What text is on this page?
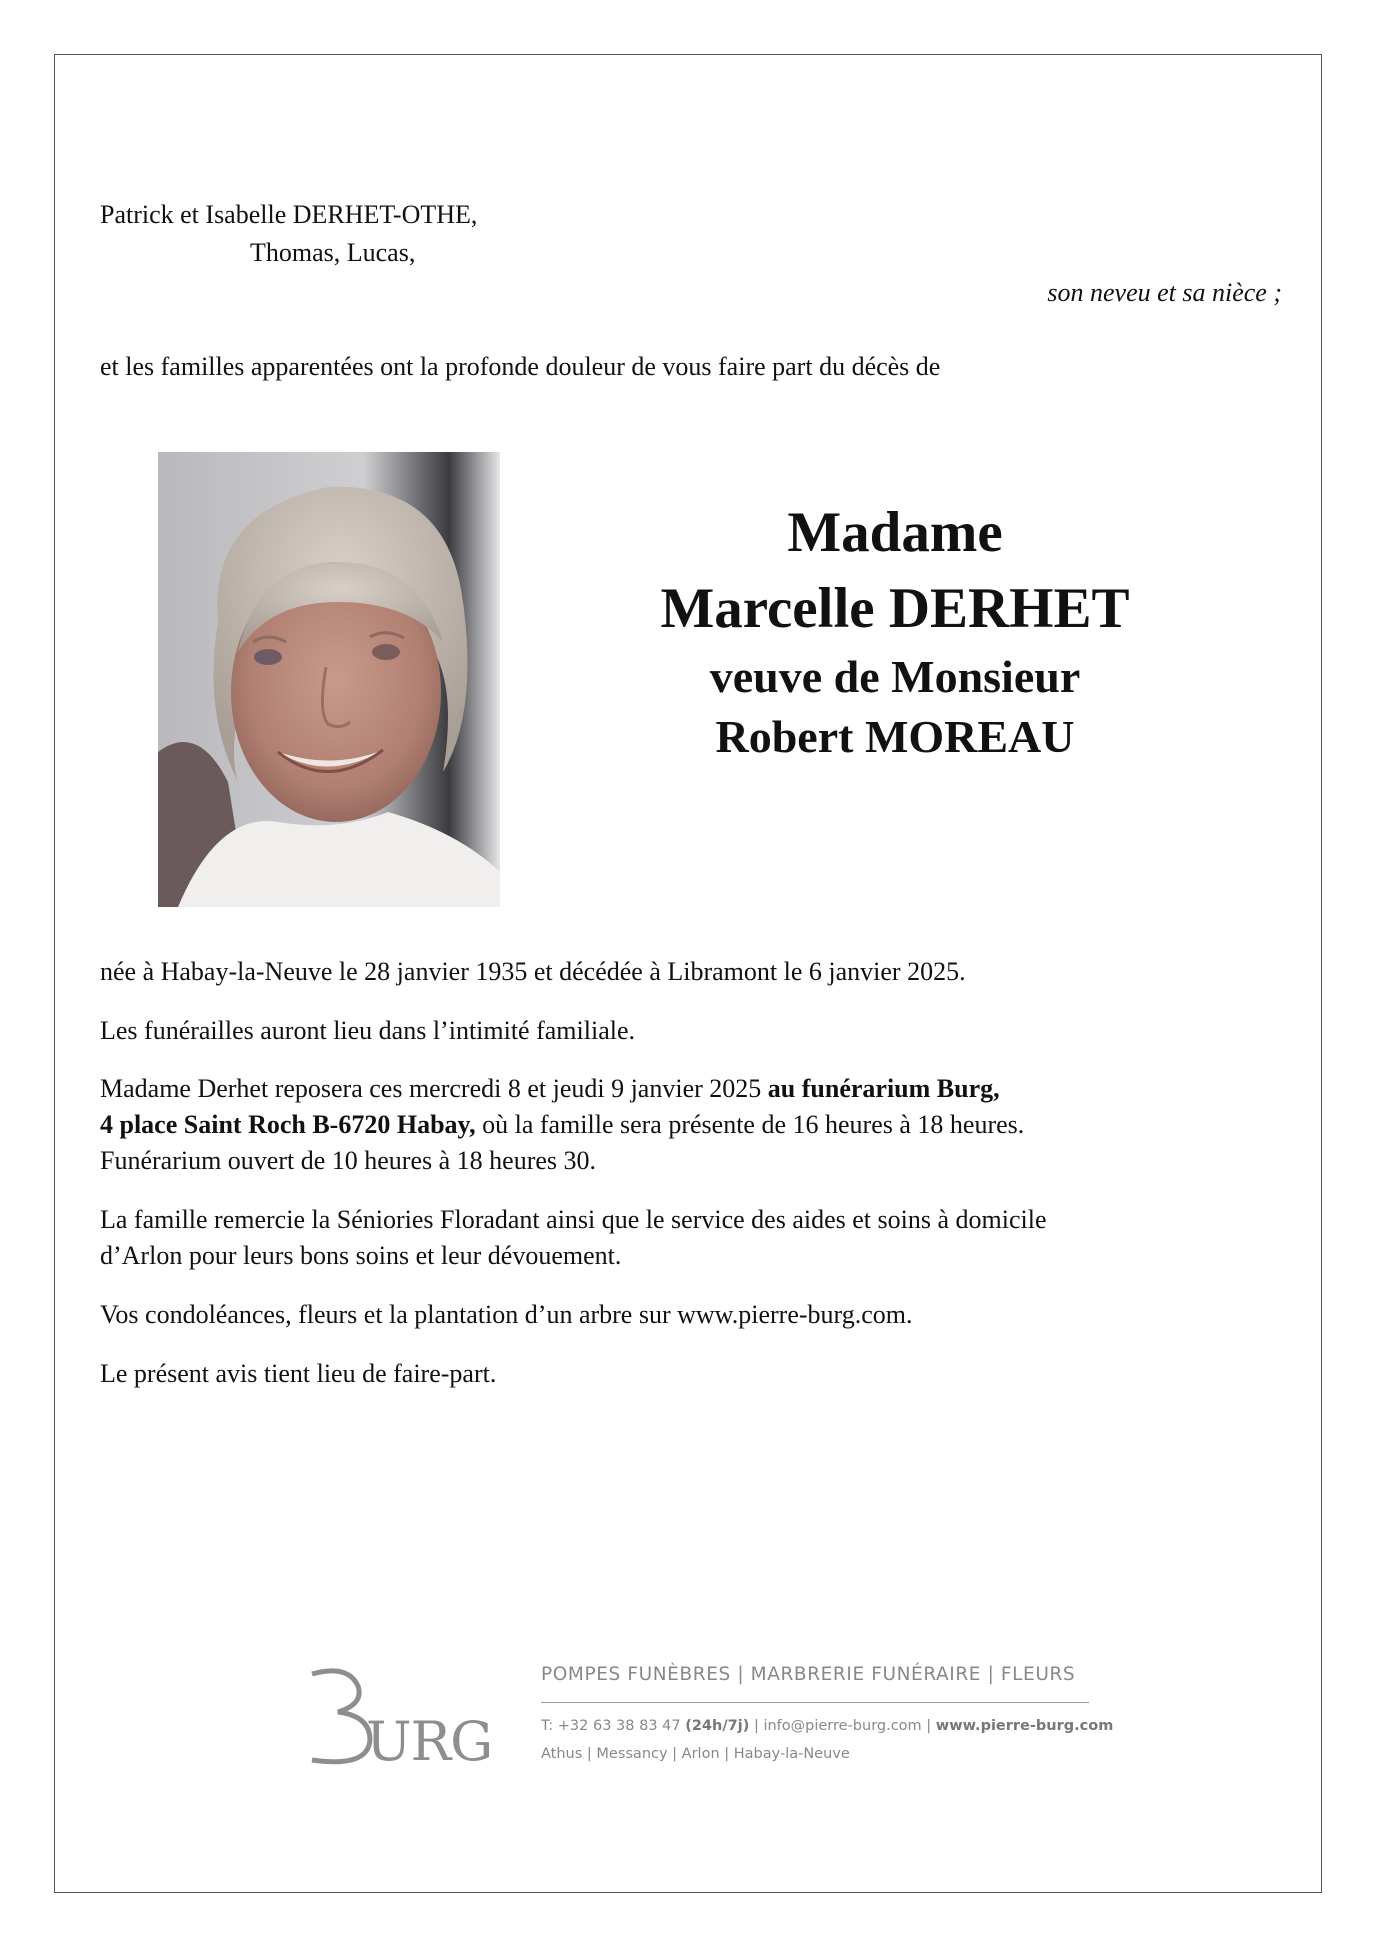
Patrick et Isabelle DERHET-OTHE,
Thomas, Lucas,
son neveu et sa nièce ;
et les familles apparentées ont la profonde douleur de vous faire part du décès de
Madame
Marcelle DERHET
veuve de Monsieur
Robert MOREAU
née à Habay-la-Neuve le 28 janvier 1935 et décédée à Libramont le 6 janvier 2025.
Les funérailles auront lieu dans l’intimité familiale.
Madame Derhet reposera ces mercredi 8 et jeudi 9 janvier 2025 au funérarium Burg,
4 place Saint Roch B-6720 Habay, où la famille sera présente de 16 heures à 18 heures.
Funérarium ouvert de 10 heures à 18 heures 30.
La famille remercie la Séniories Floradant ainsi que le service des aides et soins à domicile
d’Arlon pour leurs bons soins et leur dévouement.
Vos condoléances, fleurs et la plantation d’un arbre sur www.pierre-burg.com.
Le présent avis tient lieu de faire-part.
URG
POMPES FUNÈBRES | MARBRERIE FUNÉRAIRE | FLEURS
T: +32 63 38 83 47 (24h/7j) | info@pierre-burg.com | www.pierre-burg.com
Athus | Messancy | Arlon | Habay-la-Neuve
